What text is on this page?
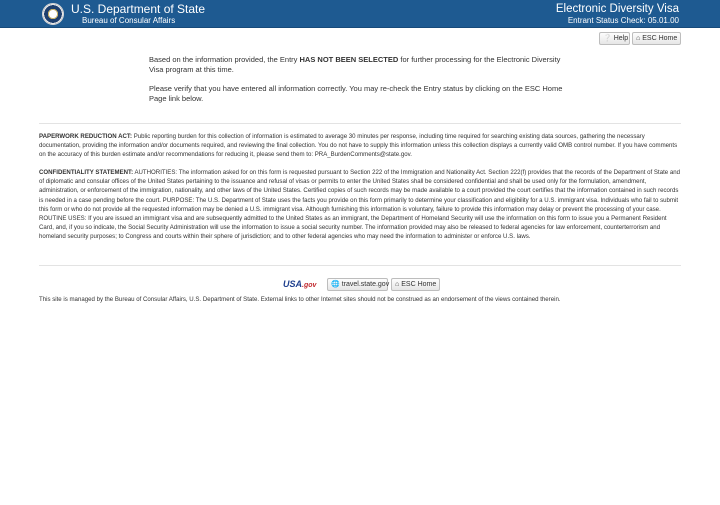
U.S. Department of State
Bureau of Consular Affairs
Electronic Diversity Visa
Entrant Status Check: 05.01.00
❔ Help ⌂ ESC Home

Based on the information provided, the Entry HAS NOT BEEN SELECTED for further processing for the Electronic Diversity Visa program at this time.

Please verify that you have entered all information correctly. You may re-check the Entry status by clicking on the ESC Home Page link below.

PAPERWORK REDUCTION ACT: Public reporting burden for this collection of information is estimated to average 30 minutes per response, including time required for searching existing data sources, gathering the necessary documentation, providing the information and/or documents required, and reviewing the final collection. You do not have to supply this information unless this collection displays a currently valid OMB control number. If you have comments on the accuracy of this burden estimate and/or recommendations for reducing it, please send them to: PRA_BurdenComments@state.gov.

CONFIDENTIALITY STATEMENT: AUTHORITIES: The information asked for on this form is requested pursuant to Section 222 of the Immigration and Nationality Act. Section 222(f) provides that the records of the Department of State and of diplomatic and consular offices of the United States pertaining to the issuance and refusal of visas or permits to enter the United States shall be considered confidential and shall be used only for the formulation, amendment, administration, or enforcement of the immigration, nationality, and other laws of the United States. Certified copies of such records may be made available to a court provided the court certifies that the information contained in such records is needed in a case pending before the court. PURPOSE: The U.S. Department of State uses the facts you provide on this form primarily to determine your classification and eligibility for a U.S. immigrant visa. Individuals who fail to submit this form or who do not provide all the requested information may be denied a U.S. immigrant visa. Although furnishing this information is voluntary, failure to provide this information may delay or prevent the processing of your case. ROUTINE USES: If you are issued an immigrant visa and are subsequently admitted to the United States as an immigrant, the Department of Homeland Security will use the information on this form to issue you a Permanent Resident Card, and, if you so indicate, the Social Security Administration will use the information to issue a social security number. The information provided may also be released to federal agencies for law enforcement, counterterrorism and homeland security purposes; to Congress and courts within their sphere of jurisdiction; and to other federal agencies who may need the information to administer or enforce U.S. laws.

USA.gov 🌐 travel.state.gov ⌂ ESC Home

This site is managed by the Bureau of Consular Affairs, U.S. Department of State. External links to other Internet sites should not be construed as an endorsement of the views contained therein.
